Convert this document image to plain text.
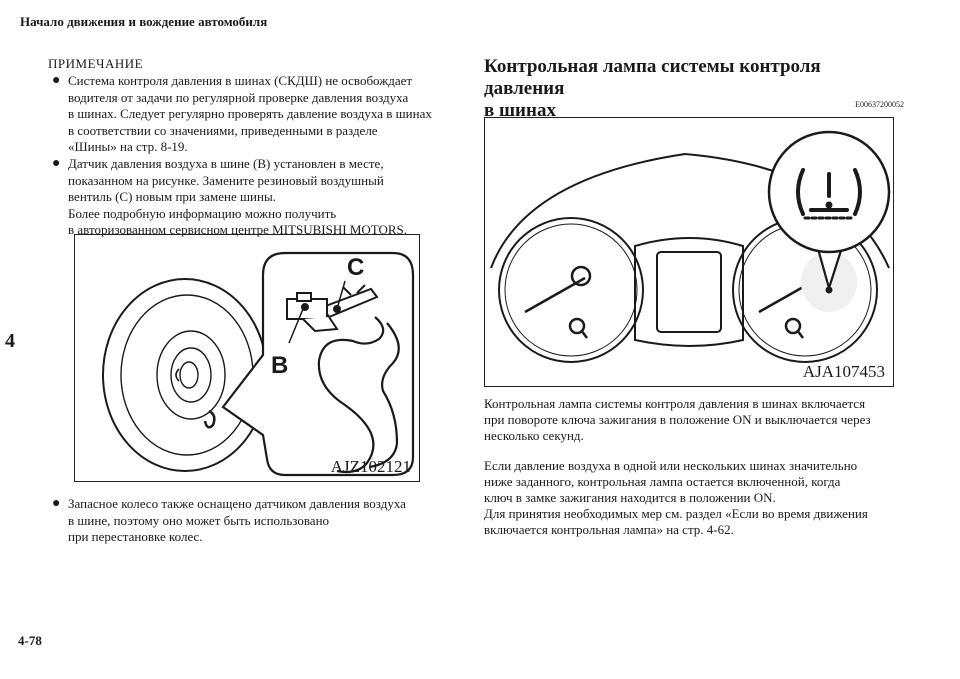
Начало движения и вождение автомобиля
4
4-78
ПРИМЕЧАНИЕ
● Система контроля давления в шинах (СКДШ) не освобождает
водителя от задачи по регулярной проверке давления воздуха
в шинах. Следует регулярно проверять давление воздуха в шинах
в соответствии со значениями, приведенными в разделе
«Шины» на стр. 8-19.
● Датчик давления воздуха в шине (B) установлен в месте,
показанном на рисунке. Замените резиновый воздушный
вентиль (C) новым при замене шины.
Более подробную информацию можно получить
в авторизованном сервисном центре MITSUBISHI MOTORS.
B
C
AJZ102121
● Запасное колесо также оснащено датчиком давления воздуха
в шине, поэтому оно может быть использовано
при перестановке колес.
Контрольная лампа системы контроля давления
в шинах	E00637200052
AJA107453
Контрольная лампа системы контроля давления в шинах включается
при повороте ключа зажигания в положение ON и выключается через
несколько секунд.
Если давление воздуха в одной или нескольких шинах значительно
ниже заданного, контрольная лампа остается включенной, когда
ключ в замке зажигания находится в положении ON.
Для принятия необходимых мер см. раздел «Если во время движения
включается контрольная лампа» на стр. 4-62.
